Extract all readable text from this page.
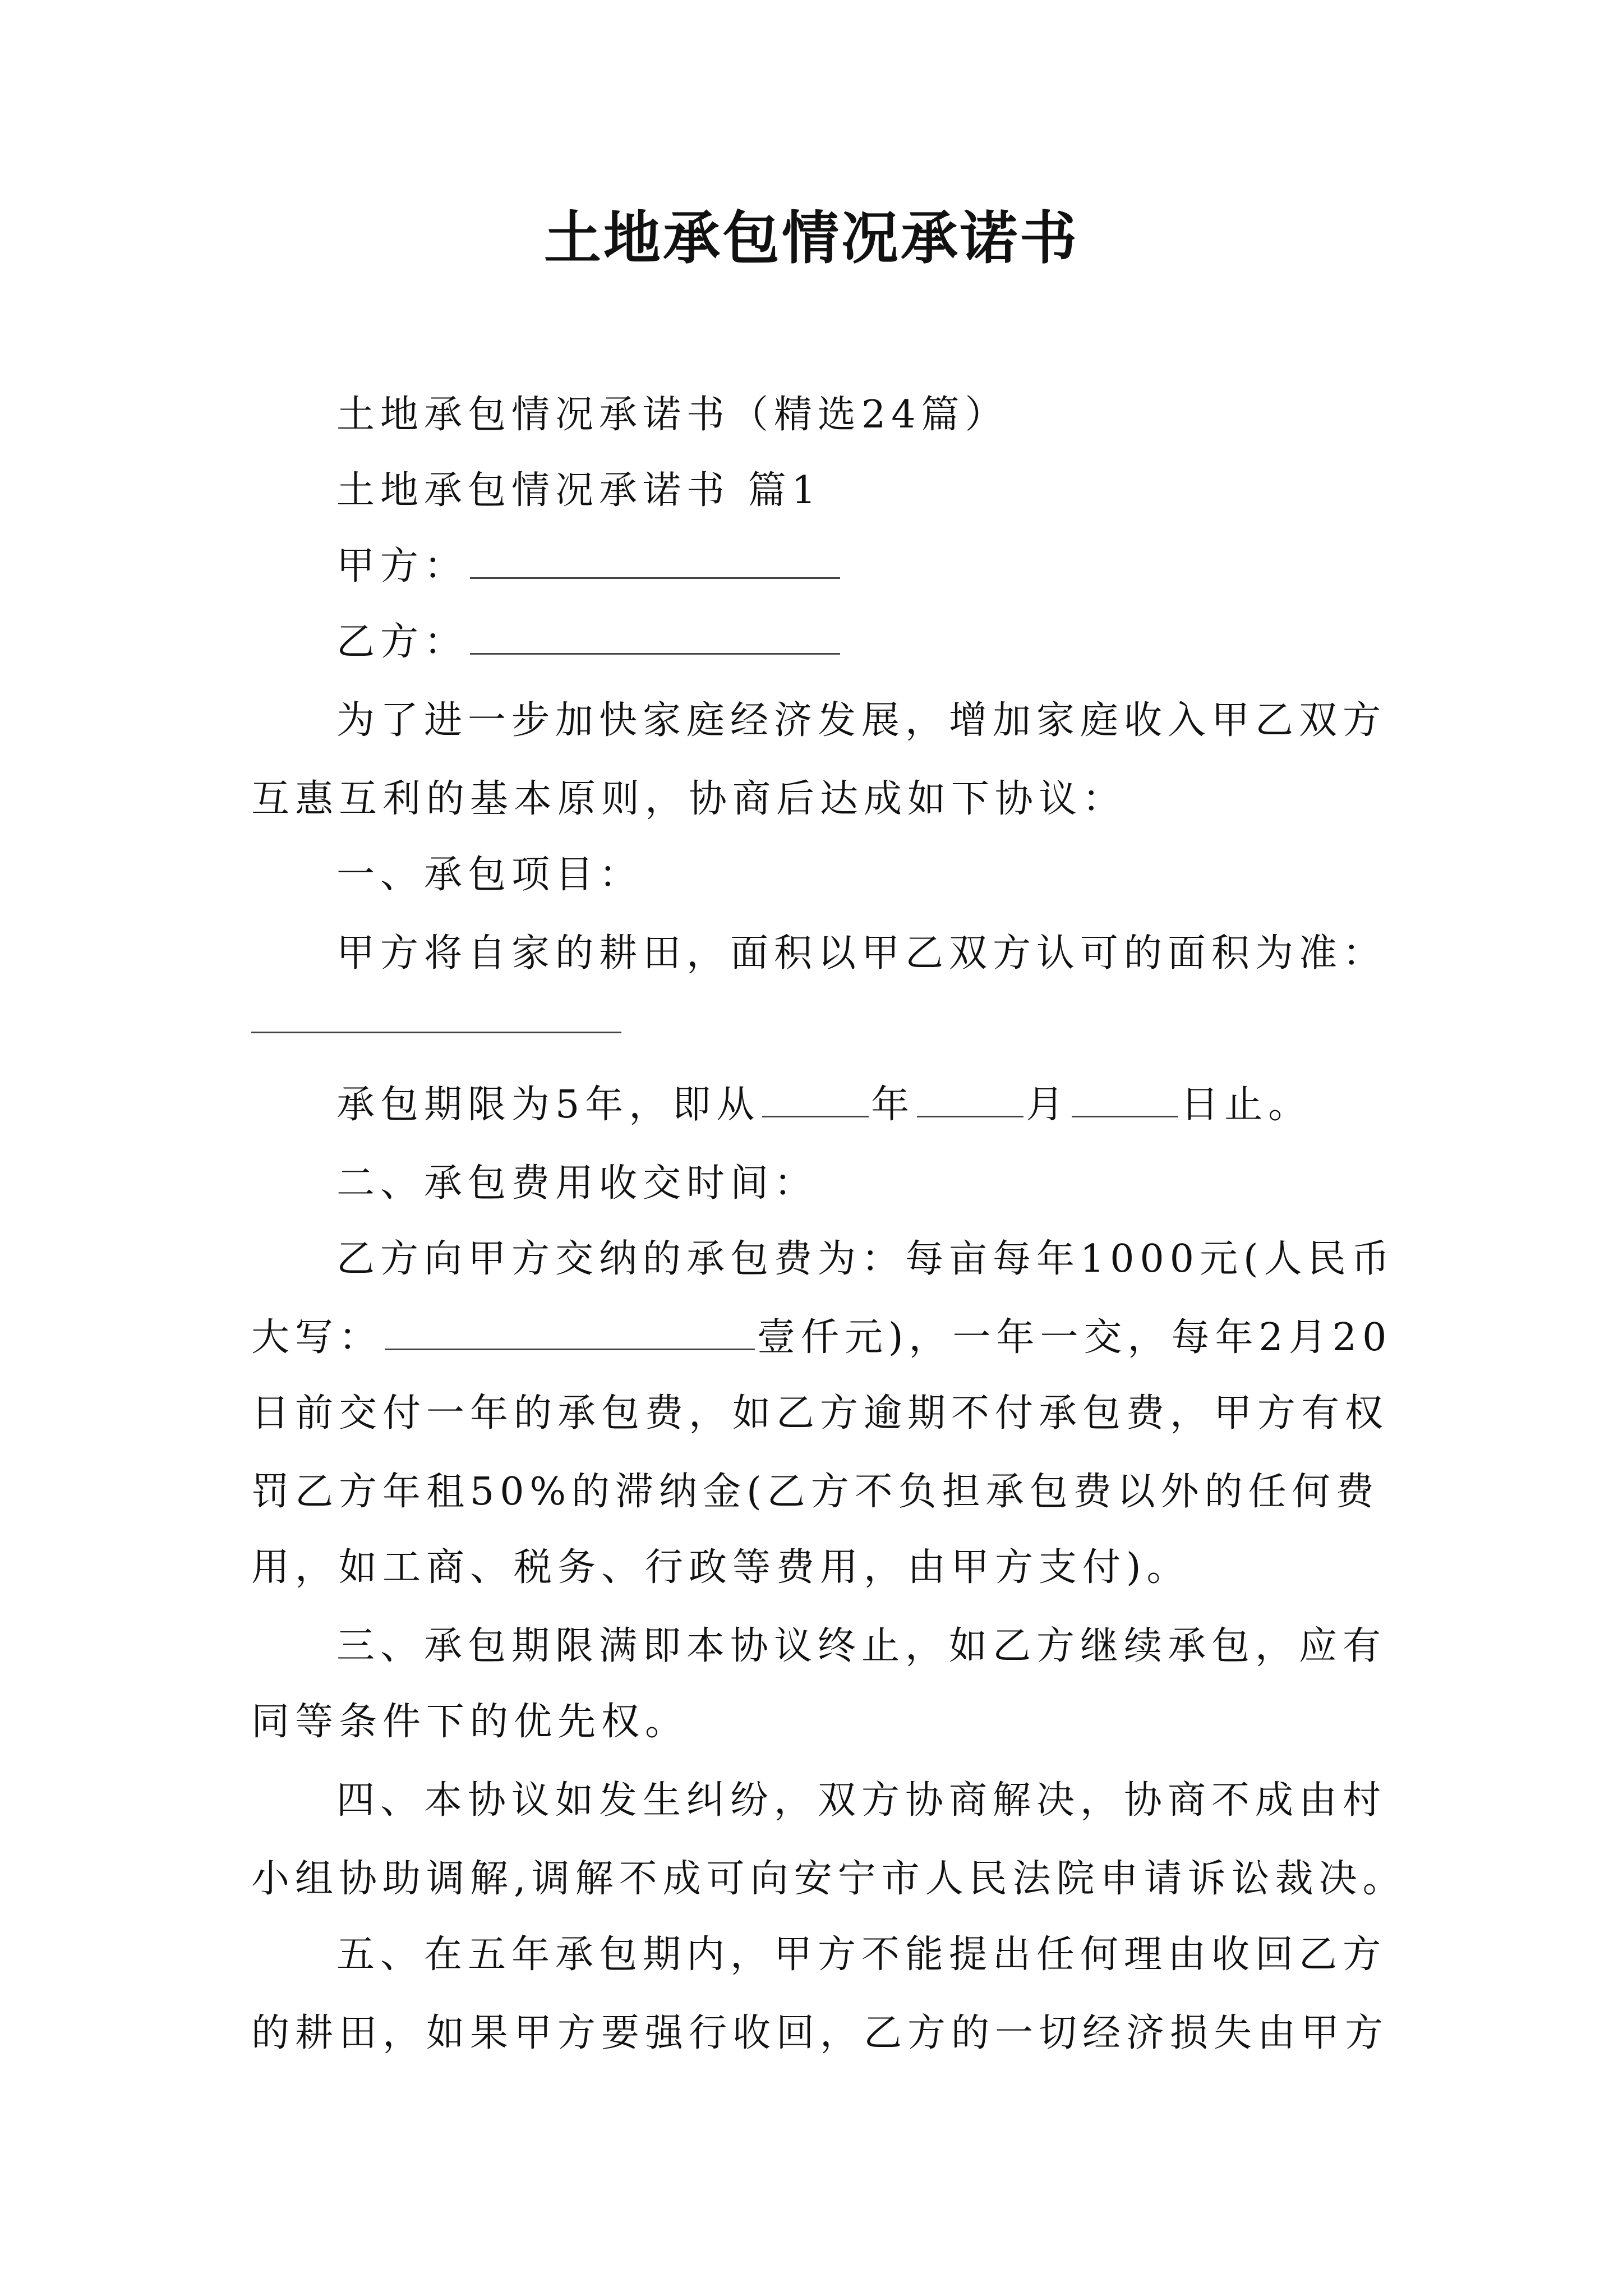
土地承包情况承诺书
土地承包情况承诺书（精选24篇）
土地承包情况承诺书 篇1
甲方：
乙方：
为了进一步加快家庭经济发展，增加家庭收入甲乙双方
互惠互利的基本原则，协商后达成如下协议：
一、承包项目：
甲方将自家的耕田，面积以甲乙双方认可的面积为准：
承包期限为5年，即从	年	月	日止。
二、承包费用收交时间：
乙方向甲方交纳的承包费为：每亩每年1000元(人民币
大写：	壹仟元)，一年一交，每年2月20
日前交付一年的承包费，如乙方逾期不付承包费，甲方有权
罚乙方年租50%的滞纳金(乙方不负担承包费以外的任何费
用，如工商、税务、行政等费用，由甲方支付)。
三、承包期限满即本协议终止，如乙方继续承包，应有
同等条件下的优先权。
四、本协议如发生纠纷，双方协商解决，协商不成由村
小组协助调解,调解不成可向安宁市人民法院申请诉讼裁决。
五、在五年承包期内，甲方不能提出任何理由收回乙方
的耕田，如果甲方要强行收回，乙方的一切经济损失由甲方
